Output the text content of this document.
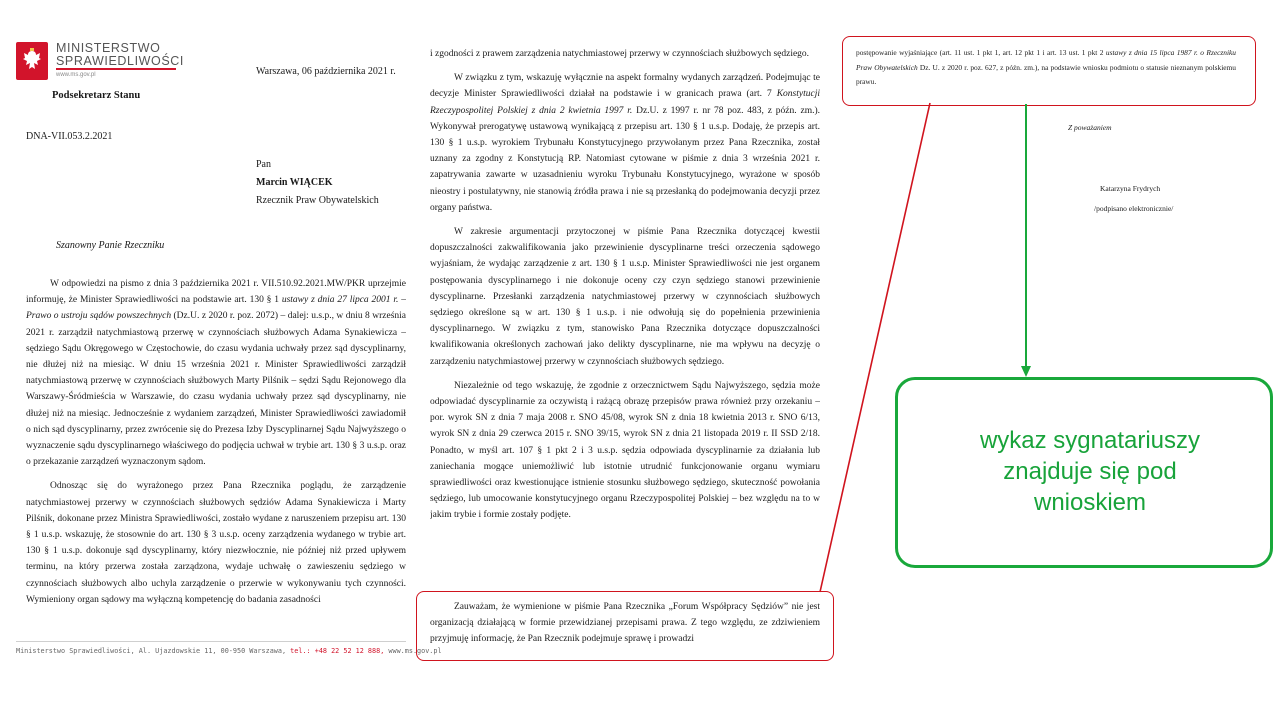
MINISTERSTWO
SPRAWIEDLIWOŚCI
www.ms.gov.pl	Warszawa, 06 października 2021 r.
Podsekretarz Stanu
DNA-VII.053.2.2021
Pan
Marcin WIĄCEK
Rzecznik Praw Obywatelskich
Szanowny Panie Rzeczniku

W odpowiedzi na pismo z dnia 3 października 2021 r. VII.510.92.2021.MW/PKR uprzejmie informuję, że Minister Sprawiedliwości na podstawie art. 130 § 1 ustawy z dnia 27 lipca 2001 r. – Prawo o ustroju sądów powszechnych (Dz.U. z 2020 r. poz. 2072) – dalej: u.s.p., w dniu 8 września 2021 r. zarządził natychmiastową przerwę w czynnościach służbowych Adama Synakiewicza – sędziego Sądu Okręgowego w Częstochowie, do czasu wydania uchwały przez sąd dyscyplinarny, nie dłużej niż na miesiąc. W dniu 15 września 2021 r. Minister Sprawiedliwości zarządził natychmiastową przerwę w czynnościach służbowych Marty Pilśnik – sędzi Sądu Rejonowego dla Warszawy-Śródmieścia w Warszawie, do czasu wydania uchwały przez sąd dyscyplinarny, nie dłużej niż na miesiąc. Jednocześnie z wydaniem zarządzeń, Minister Sprawiedliwości zawiadomił o nich sąd dyscyplinarny, przez zwrócenie się do Prezesa Izby Dyscyplinarnej Sądu Najwyższego o wyznaczenie sądu dyscyplinarnego właściwego do podjęcia uchwał w trybie art. 130 § 3 u.s.p. oraz o przekazanie zarządzeń wyznaczonym sądom.

Odnosząc się do wyrażonego przez Pana Rzecznika poglądu, że zarządzenie natychmiastowej przerwy w czynnościach służbowych sędziów Adama Synakiewicza i Marty Pilśnik, dokonane przez Ministra Sprawiedliwości, zostało wydane z naruszeniem przepisu art. 130 § 1 u.s.p. wskazuję, że stosownie do art. 130 § 3 u.s.p. oceny zarządzenia wydanego w trybie art. 130 § 1 u.s.p. dokonuje sąd dyscyplinarny, który niezwłocznie, nie później niż przed upływem terminu, na który przerwa została zarządzona, wydaje uchwałę o zawieszeniu sędziego w czynnościach służbowych albo uchyla zarządzenie o przerwie w wykonywaniu tych czynności. Wymieniony organ sądowy ma wyłączną kompetencję do badania zasadności

Ministerstwo Sprawiedliwości, Al. Ujazdowskie 11, 00-950 Warszawa, tel.: +48 22 52 12 888, www.ms.gov.pl

i zgodności z prawem zarządzenia natychmiastowej przerwy w czynnościach służbowych sędziego.

W związku z tym, wskazuję wyłącznie na aspekt formalny wydanych zarządzeń. Podejmując te decyzje Minister Sprawiedliwości działał na podstawie i w granicach prawa (art. 7 Konstytucji Rzeczypospolitej Polskiej z dnia 2 kwietnia 1997 r. Dz.U. z 1997 r. nr 78 poz. 483, z późn. zm.). Wykonywał prerogatywę ustawową wynikającą z przepisu art. 130 § 1 u.s.p. Dodaję, że przepis art. 130 § 1 u.s.p. wyrokiem Trybunału Konstytucyjnego przywołanym przez Pana Rzecznika, został uznany za zgodny z Konstytucją RP. Natomiast cytowane w piśmie z dnia 3 września 2021 r. zapatrywania zawarte w uzasadnieniu wyroku Trybunału Konstytucyjnego, wyrażone w sposób nieostry i postulatywny, nie stanowią źródła prawa i nie są przesłanką do podejmowania decyzji przez organy państwa.

W zakresie argumentacji przytoczonej w piśmie Pana Rzecznika dotyczącej kwestii dopuszczalności zakwalifikowania jako przewinienie dyscyplinarne treści orzeczenia sądowego wyjaśniam, że wydając zarządzenie z art. 130 § 1 u.s.p. Minister Sprawiedliwości nie jest organem postępowania dyscyplinarnego i nie dokonuje oceny czy czyn sędziego stanowi przewinienie dyscyplinarne. Przesłanki zarządzenia natychmiastowej przerwy w czynnościach służbowych sędziego określone są w art. 130 § 1 u.s.p. i nie odwołują się do popełnienia przewinienia dyscyplinarnego. W związku z tym, stanowisko Pana Rzecznika dotyczące dopuszczalności kwalifikowania określonych zachowań jako delikty dyscyplinarne, nie ma wpływu na decyzję o zarządzeniu natychmiastowej przerwy w czynnościach służbowych sędziego.

Niezależnie od tego wskazuję, że zgodnie z orzecznictwem Sądu Najwyższego, sędzia może odpowiadać dyscyplinarnie za oczywistą i rażącą obrazę przepisów prawa również przy orzekaniu – por. wyrok SN z dnia 7 maja 2008 r. SNO 45/08, wyrok SN z dnia 18 kwietnia 2013 r. SNO 6/13, wyrok SN z dnia 29 czerwca 2015 r. SNO 39/15, wyrok SN z dnia 21 listopada 2019 r. II SSD 2/18. Ponadto, w myśl art. 107 § 1 pkt 2 i 3 u.s.p. sędzia odpowiada dyscyplinarnie za działania lub zaniechania mogące uniemożliwić lub istotnie utrudnić funkcjonowanie organu wymiaru sprawiedliwości oraz kwestionujące istnienie stosunku służbowego sędziego, skuteczność powołania sędziego, lub umocowanie konstytucyjnego organu Rzeczypospolitej Polskiej – bez względu na to w jakim trybie i formie zostały podjęte.

Zauważam, że wymienione w piśmie Pana Rzecznika „Forum Współpracy Sędziów” nie jest organizacją działającą w formie przewidzianej przepisami prawa. Z tego względu, ze zdziwieniem przyjmuję informację, że Pan Rzecznik podejmuje sprawę i prowadzi

postępowanie wyjaśniające (art. 11 ust. 1 pkt 1, art. 12 pkt 1 i art. 13 ust. 1 pkt 2 ustawy z dnia 15 lipca 1987 r. o Rzeczniku Praw Obywatelskich Dz. U. z 2020 r. poz. 627, z późn. zm.), na podstawie wniosku podmiotu o statusie nieznanym polskiemu prawu.
Z poważaniem
Katarzyna Frydrych
/podpisano elektronicznie/
wykaz sygnatariuszy znajduje się pod wnioskiem
